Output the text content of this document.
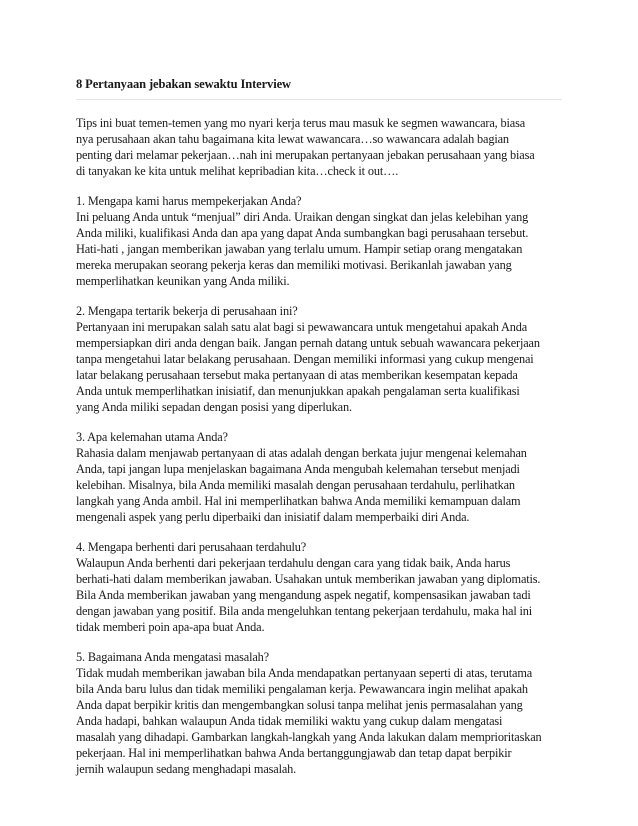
8 Pertanyaan jebakan sewaktu Interview

Tips ini buat temen-temen yang mo nyari kerja terus mau masuk ke segmen wawancara, biasa
nya perusahaan akan tahu bagaimana kita lewat wawancara…so wawancara adalah bagian
penting dari melamar pekerjaan…nah ini merupakan pertanyaan jebakan perusahaan yang biasa
di tanyakan ke kita untuk melihat kepribadian kita…check it out….

1. Mengapa kami harus mempekerjakan Anda?
Ini peluang Anda untuk “menjual” diri Anda. Uraikan dengan singkat dan jelas kelebihan yang
Anda miliki, kualifikasi Anda dan apa yang dapat Anda sumbangkan bagi perusahaan tersebut.
Hati-hati , jangan memberikan jawaban yang terlalu umum. Hampir setiap orang mengatakan
mereka merupakan seorang pekerja keras dan memiliki motivasi. Berikanlah jawaban yang
memperlihatkan keunikan yang Anda miliki.

2. Mengapa tertarik bekerja di perusahaan ini?
Pertanyaan ini merupakan salah satu alat bagi si pewawancara untuk mengetahui apakah Anda
mempersiapkan diri anda dengan baik. Jangan pernah datang untuk sebuah wawancara pekerjaan
tanpa mengetahui latar belakang perusahaan. Dengan memiliki informasi yang cukup mengenai
latar belakang perusahaan tersebut maka pertanyaan di atas memberikan kesempatan kepada
Anda untuk memperlihatkan inisiatif, dan menunjukkan apakah pengalaman serta kualifikasi
yang Anda miliki sepadan dengan posisi yang diperlukan.

3. Apa kelemahan utama Anda?
Rahasia dalam menjawab pertanyaan di atas adalah dengan berkata jujur mengenai kelemahan
Anda, tapi jangan lupa menjelaskan bagaimana Anda mengubah kelemahan tersebut menjadi
kelebihan. Misalnya, bila Anda memiliki masalah dengan perusahaan terdahulu, perlihatkan
langkah yang Anda ambil. Hal ini memperlihatkan bahwa Anda memiliki kemampuan dalam
mengenali aspek yang perlu diperbaiki dan inisiatif dalam memperbaiki diri Anda.

4. Mengapa berhenti dari perusahaan terdahulu?
Walaupun Anda berhenti dari pekerjaan terdahulu dengan cara yang tidak baik, Anda harus
berhati-hati dalam memberikan jawaban. Usahakan untuk memberikan jawaban yang diplomatis.
Bila Anda memberikan jawaban yang mengandung aspek negatif, kompensasikan jawaban tadi
dengan jawaban yang positif. Bila anda mengeluhkan tentang pekerjaan terdahulu, maka hal ini
tidak memberi poin apa-apa buat Anda.

5. Bagaimana Anda mengatasi masalah?
Tidak mudah memberikan jawaban bila Anda mendapatkan pertanyaan seperti di atas, terutama
bila Anda baru lulus dan tidak memiliki pengalaman kerja. Pewawancara ingin melihat apakah
Anda dapat berpikir kritis dan mengembangkan solusi tanpa melihat jenis permasalahan yang
Anda hadapi, bahkan walaupun Anda tidak memiliki waktu yang cukup dalam mengatasi
masalah yang dihadapi. Gambarkan langkah-langkah yang Anda lakukan dalam memprioritaskan
pekerjaan. Hal ini memperlihatkan bahwa Anda bertanggungjawab dan tetap dapat berpikir
jernih walaupun sedang menghadapi masalah.
